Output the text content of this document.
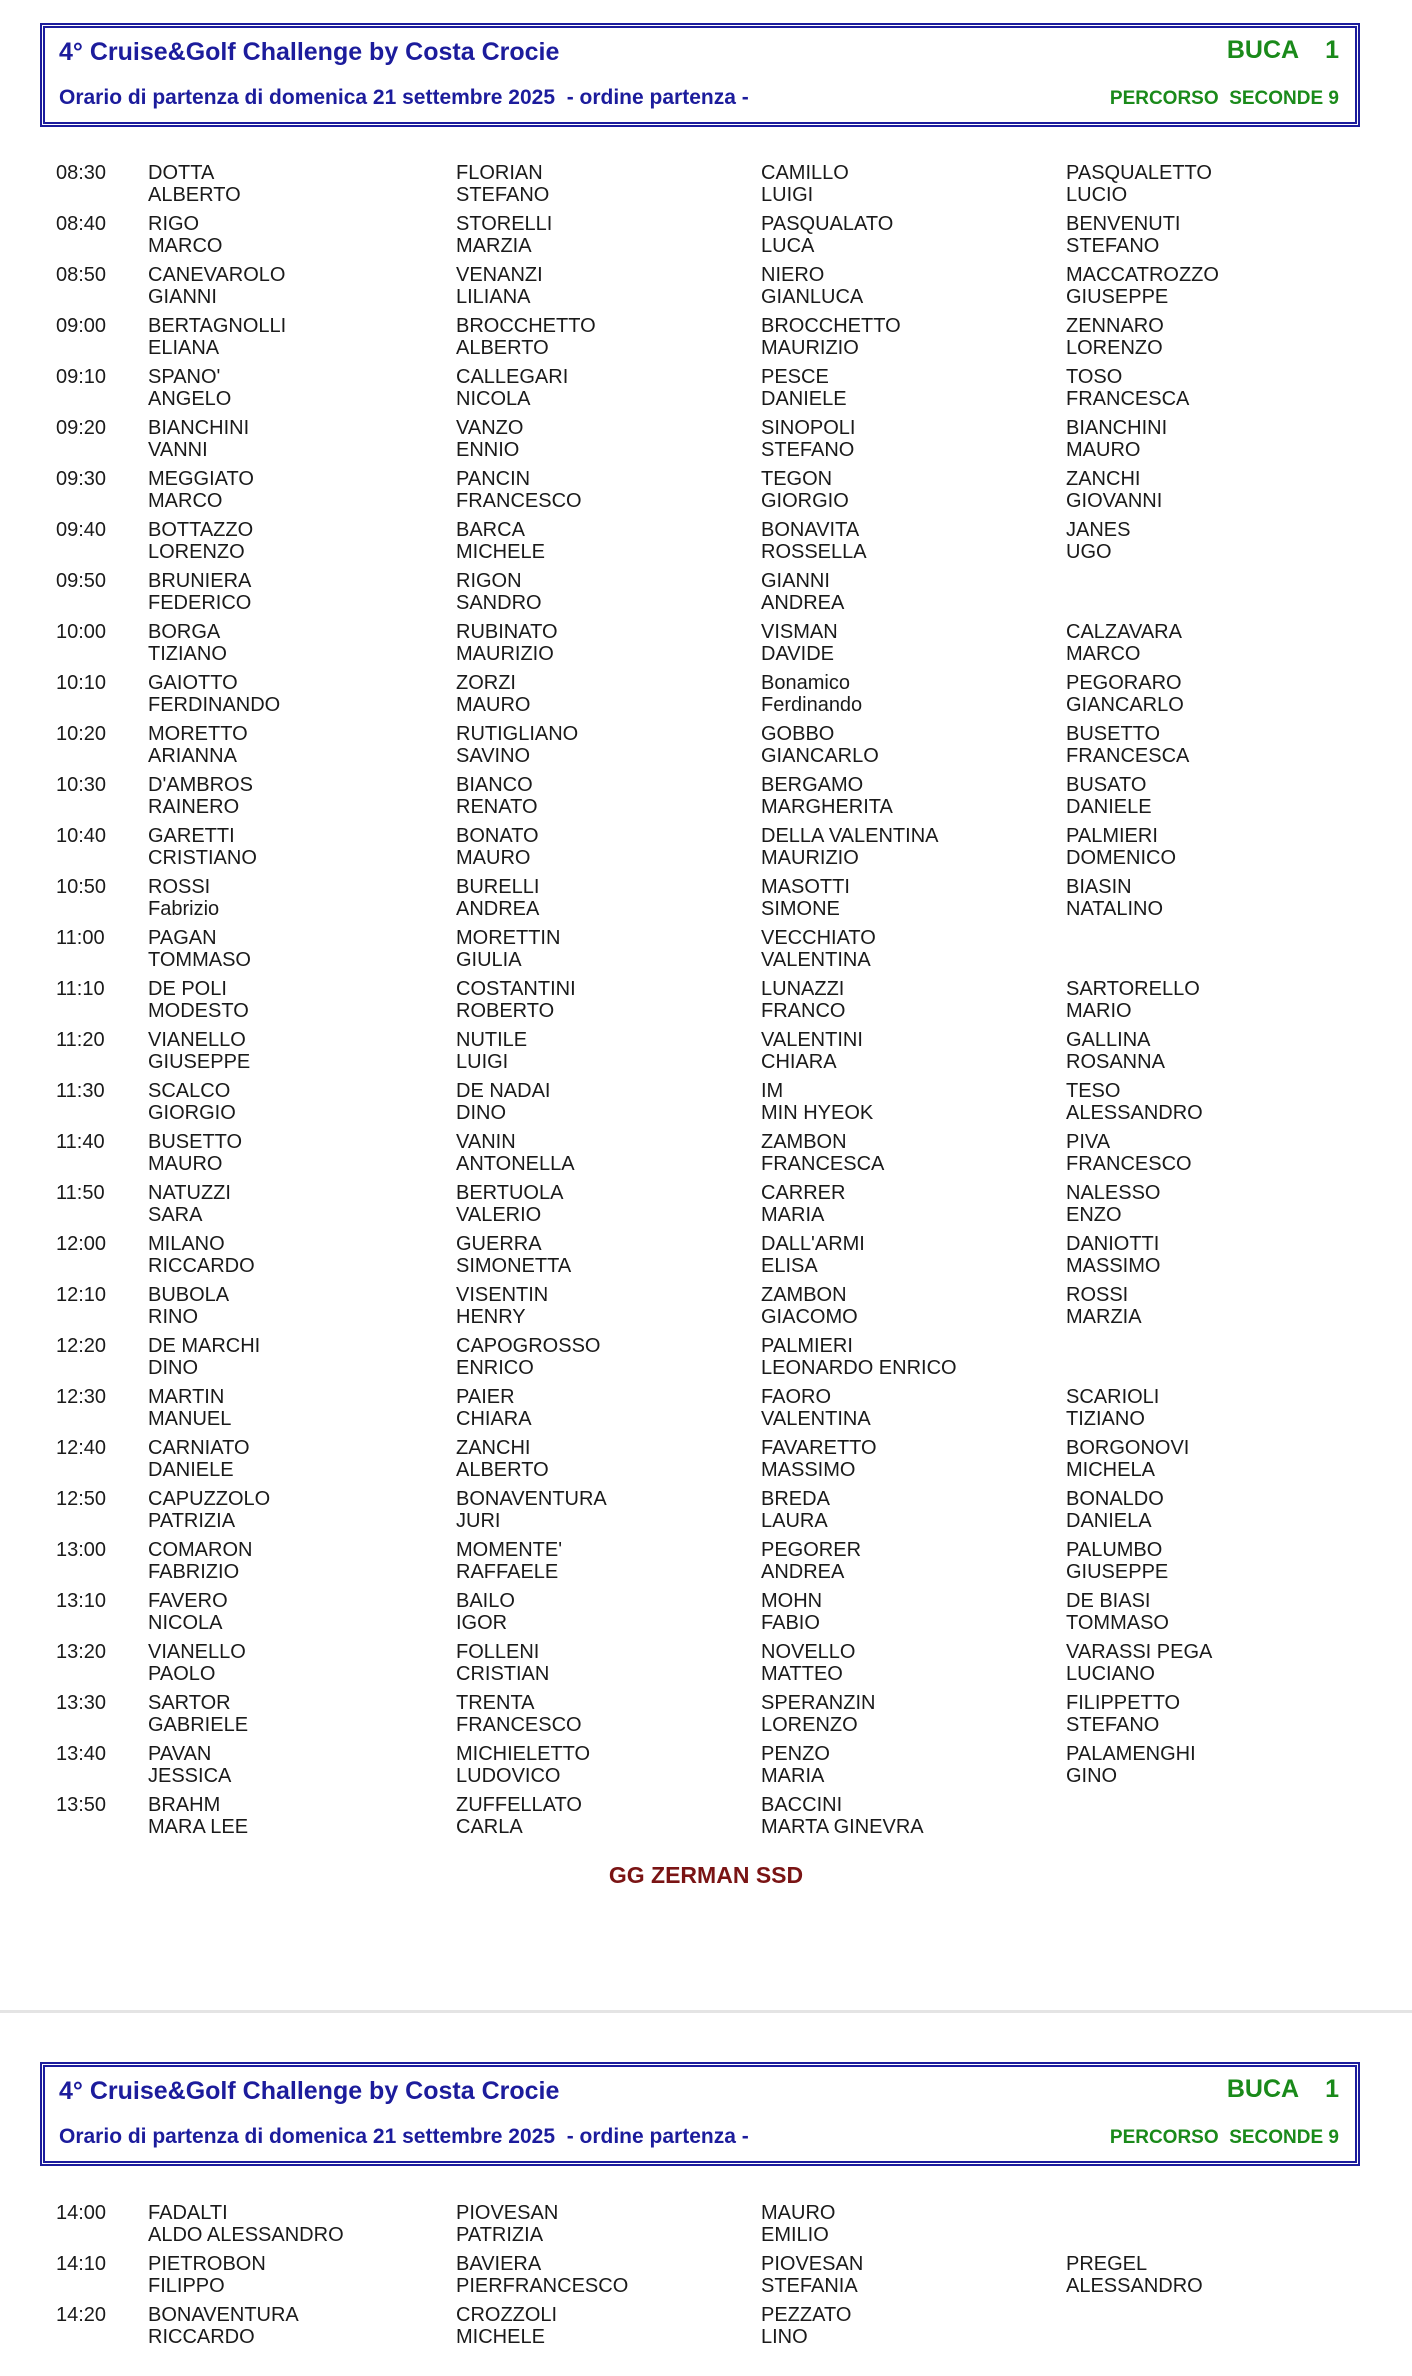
4° Cruise&Golf Challenge by Costa Crocie
Orario di partenza di domenica 21 settembre 2025  - ordine partenza -
BUCA 1
PERCORSO  SECONDE 9
08:30 DOTTA
ALBERTO
FLORIAN
STEFANO
CAMILLO
LUIGI
PASQUALETTO
LUCIO
08:40 RIGO
MARCO
STORELLI
MARZIA
PASQUALATO
LUCA
BENVENUTI
STEFANO
08:50 CANEVAROLO
GIANNI
VENANZI
LILIANA
NIERO
GIANLUCA
MACCATROZZO
GIUSEPPE
09:00 BERTAGNOLLI
ELIANA
BROCCHETTO
ALBERTO
BROCCHETTO
MAURIZIO
ZENNARO
LORENZO
09:10 SPANO'
ANGELO
CALLEGARI
NICOLA
PESCE
DANIELE
TOSO
FRANCESCA
09:20 BIANCHINI
VANNI
VANZO
ENNIO
SINOPOLI
STEFANO
BIANCHINI
MAURO
09:30 MEGGIATO
MARCO
PANCIN
FRANCESCO
TEGON
GIORGIO
ZANCHI
GIOVANNI
09:40 BOTTAZZO
LORENZO
BARCA
MICHELE
BONAVITA
ROSSELLA
JANES
UGO
09:50 BRUNIERA
FEDERICO
RIGON
SANDRO
GIANNI
ANDREA
10:00 BORGA
TIZIANO
RUBINATO
MAURIZIO
VISMAN
DAVIDE
CALZAVARA
MARCO
10:10 GAIOTTO
FERDINANDO
ZORZI
MAURO
Bonamico
Ferdinando
PEGORARO
GIANCARLO
10:20 MORETTO
ARIANNA
RUTIGLIANO
SAVINO
GOBBO
GIANCARLO
BUSETTO
FRANCESCA
10:30 D'AMBROS
RAINERO
BIANCO
RENATO
BERGAMO
MARGHERITA
BUSATO
DANIELE
10:40 GARETTI
CRISTIANO
BONATO
MAURO
DELLA VALENTINA
MAURIZIO
PALMIERI
DOMENICO
10:50 ROSSI
Fabrizio
BURELLI
ANDREA
MASOTTI
SIMONE
BIASIN
NATALINO
11:00 PAGAN
TOMMASO
MORETTIN
GIULIA
VECCHIATO
VALENTINA
11:10 DE POLI
MODESTO
COSTANTINI
ROBERTO
LUNAZZI
FRANCO
SARTORELLO
MARIO
11:20 VIANELLO
GIUSEPPE
NUTILE
LUIGI
VALENTINI
CHIARA
GALLINA
ROSANNA
11:30 SCALCO
GIORGIO
DE NADAI
DINO
IM
MIN HYEOK
TESO
ALESSANDRO
11:40 BUSETTO
MAURO
VANIN
ANTONELLA
ZAMBON
FRANCESCA
PIVA
FRANCESCO
11:50 NATUZZI
SARA
BERTUOLA
VALERIO
CARRER
MARIA
NALESSO
ENZO
12:00 MILANO
RICCARDO
GUERRA
SIMONETTA
DALL'ARMI
ELISA
DANIOTTI
MASSIMO
12:10 BUBOLA
RINO
VISENTIN
HENRY
ZAMBON
GIACOMO
ROSSI
MARZIA
12:20 DE MARCHI
DINO
CAPOGROSSO
ENRICO
PALMIERI
LEONARDO ENRICO
12:30 MARTIN
MANUEL
PAIER
CHIARA
FAORO
VALENTINA
SCARIOLI
TIZIANO
12:40 CARNIATO
DANIELE
ZANCHI
ALBERTO
FAVARETTO
MASSIMO
BORGONOVI
MICHELA
12:50 CAPUZZOLO
PATRIZIA
BONAVENTURA
JURI
BREDA
LAURA
BONALDO
DANIELA
13:00 COMARON
FABRIZIO
MOMENTE'
RAFFAELE
PEGORER
ANDREA
PALUMBO
GIUSEPPE
13:10 FAVERO
NICOLA
BAILO
IGOR
MOHN
FABIO
DE BIASI
TOMMASO
13:20 VIANELLO
PAOLO
FOLLENI
CRISTIAN
NOVELLO
MATTEO
VARASSI PEGA
LUCIANO
13:30 SARTOR
GABRIELE
TRENTA
FRANCESCO
SPERANZIN
LORENZO
FILIPPETTO
STEFANO
13:40 PAVAN
JESSICA
MICHIELETTO
LUDOVICO
PENZO
MARIA
PALAMENGHI
GINO
13:50 BRAHM
MARA LEE
ZUFFELLATO
CARLA
BACCINI
MARTA GINEVRA
GG ZERMAN SSD
4° Cruise&Golf Challenge by Costa Crocie
Orario di partenza di domenica 21 settembre 2025  - ordine partenza -
BUCA 1
PERCORSO  SECONDE 9
14:00 FADALTI
ALDO ALESSANDRO
PIOVESAN
PATRIZIA
MAURO
EMILIO
14:10 PIETROBON
FILIPPO
BAVIERA
PIERFRANCESCO
PIOVESAN
STEFANIA
PREGEL
ALESSANDRO
14:20 BONAVENTURA
RICCARDO
CROZZOLI
MICHELE
PEZZATO
LINO
